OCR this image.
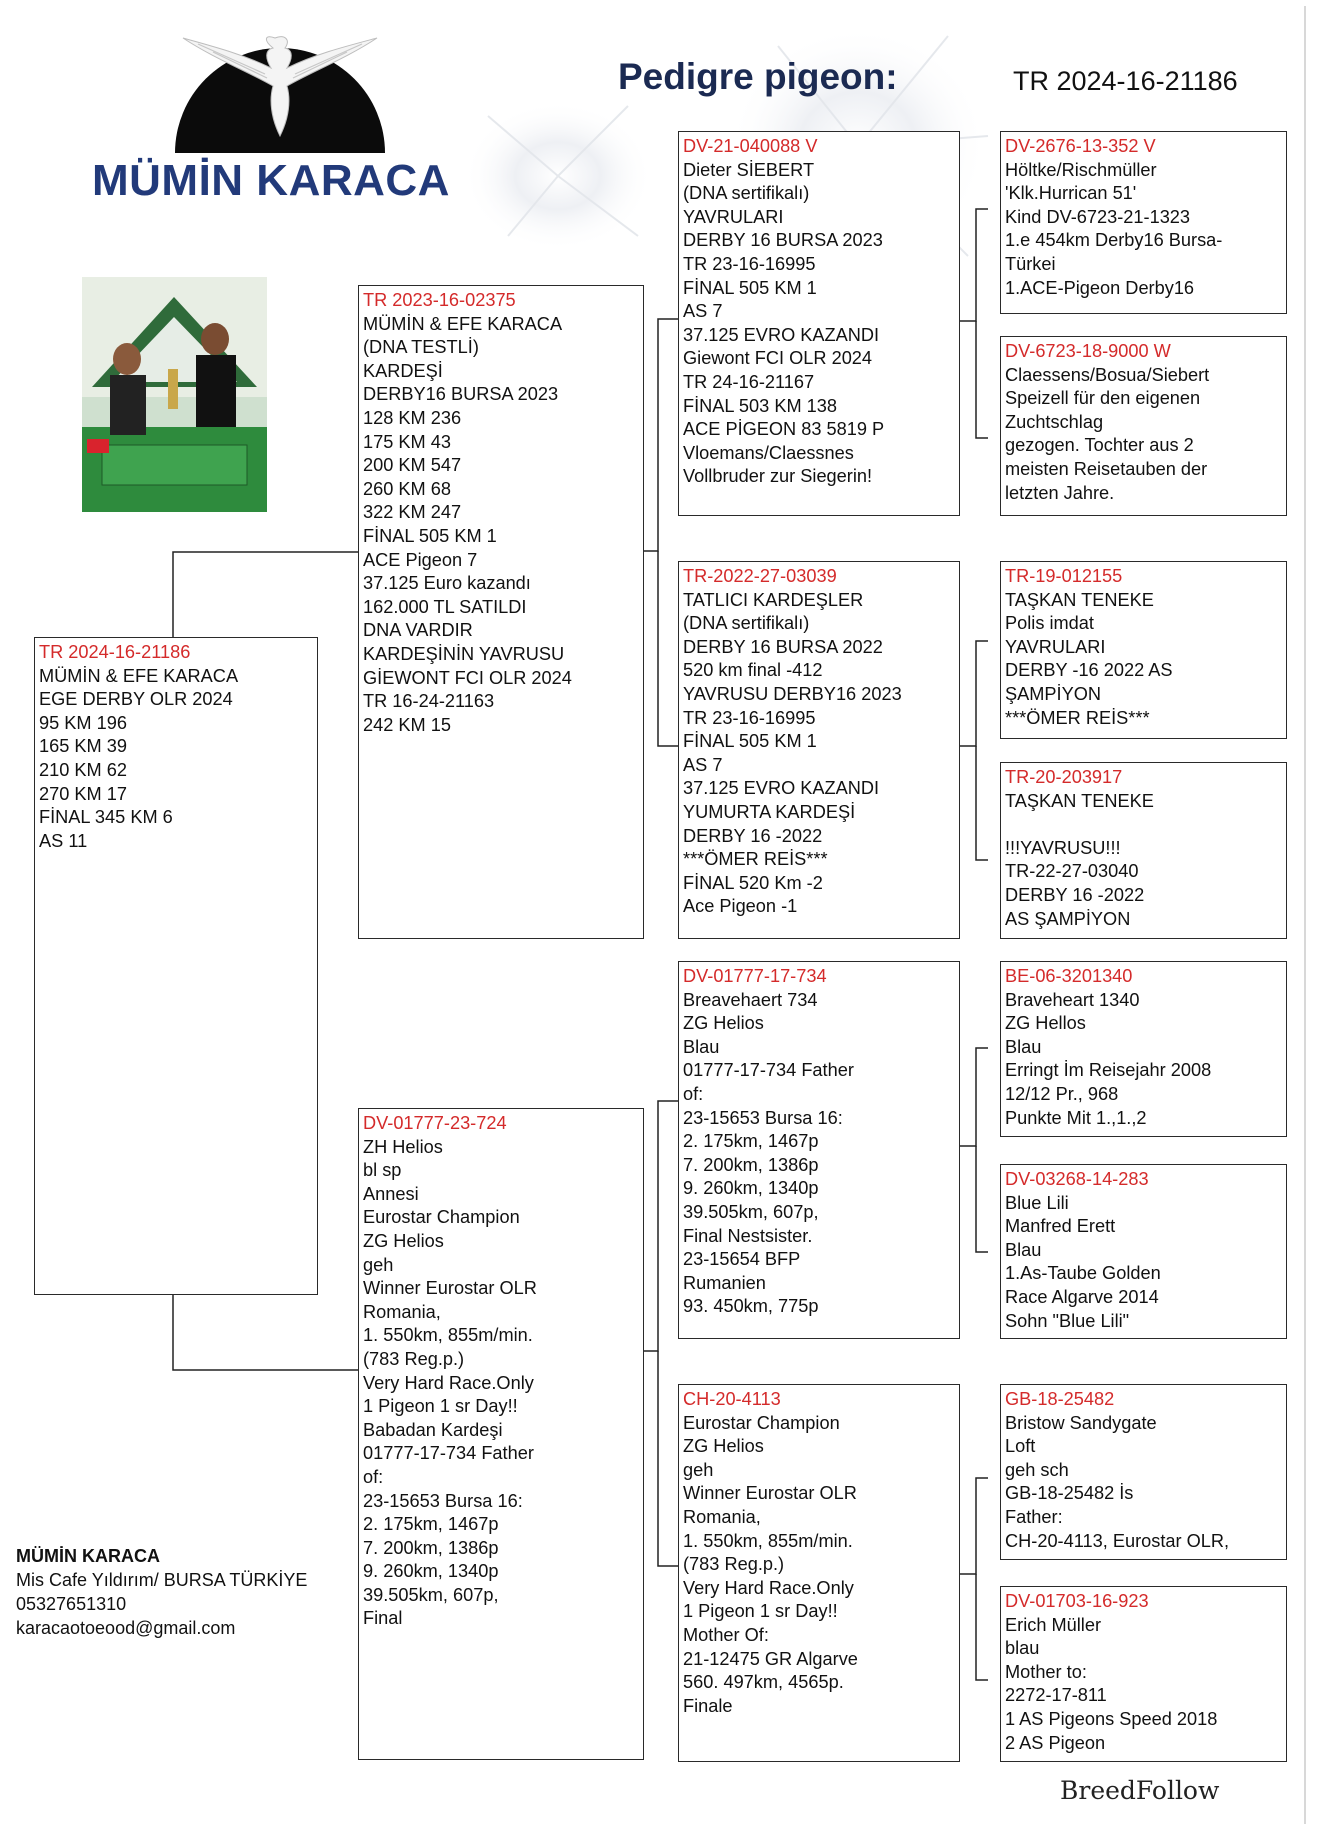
MÜMİN KARACA
Pedigre pigeon:	TR 2024-16-21186
TR 2024-16-21186
MÜMİN & EFE KARACA
EGE DERBY OLR 2024
95 KM 196
165 KM 39
210 KM 62
270 KM 17
FİNAL 345 KM 6
AS 11
TR 2023-16-02375
MÜMİN & EFE KARACA
(DNA TESTLİ)
KARDEŞİ
DERBY16 BURSA 2023
128 KM 236
175 KM 43
200 KM 547
260 KM 68
322 KM 247
FİNAL 505 KM 1
ACE Pigeon 7
37.125 Euro kazandı
162.000 TL SATILDI
DNA VARDIR
KARDEŞİNİN YAVRUSU
GİEWONT FCI OLR 2024
TR 16-24-21163
242 KM 15

DV-01777-23-724
ZH Helios
bl sp
Annesi
Eurostar Champion
ZG Helios
geh
Winner Eurostar OLR
Romania,
1. 550km, 855m/min.
(783 Reg.p.)
Very Hard Race.Only
1 Pigeon 1 sr Day!!
Babadan Kardeşi
01777-17-734 Father
of:
23-15653 Bursa 16:
2. 175km, 1467p
7. 200km, 1386p
9. 260km, 1340p
39.505km, 607p,
Final

DV-21-040088 V
Dieter SİEBERT
(DNA sertifikalı)
YAVRULARI
DERBY 16 BURSA 2023
TR 23-16-16995
FİNAL 505 KM 1
AS 7
37.125 EVRO KAZANDI
Giewont FCI OLR 2024
TR 24-16-21167
FİNAL 503 KM 138
ACE PİGEON 83 5819 P
Vloemans/Claessnes
Vollbruder zur Siegerin!

TR-2022-27-03039
TATLICI KARDEŞLER
(DNA sertifikalı)
DERBY 16 BURSA 2022
520 km final -412
YAVRUSU DERBY16 2023
TR 23-16-16995
FİNAL 505 KM 1
AS 7
37.125 EVRO KAZANDI
YUMURTA KARDEŞİ
DERBY 16 -2022
***ÖMER REİS***
FİNAL 520 Km -2
Ace Pigeon -1

DV-01777-17-734
Breavehaert 734
ZG Helios
Blau
01777-17-734 Father
of:
23-15653 Bursa 16:
2. 175km, 1467p
7. 200km, 1386p
9. 260km, 1340p
39.505km, 607p,
Final Nestsister.
23-15654 BFP
Rumanien
93. 450km, 775p
CH-20-4113
Eurostar Champion
ZG Helios
geh
Winner Eurostar OLR
Romania,
1. 550km, 855m/min.
(783 Reg.p.)
Very Hard Race.Only
1 Pigeon 1 sr Day!!
Mother Of:
21-12475 GR Algarve
560. 497km, 4565p.
Finale

DV-2676-13-352 V
Höltke/Rischmüller
'Klk.Hurrican 51'
Kind DV-6723-21-1323
1.e 454km Derby16 Bursa-
Türkei
1.ACE-Pigeon Derby16
DV-6723-18-9000 W
Claessens/Bosua/Siebert
Speizell für den eigenen
Zuchtschlag
gezogen. Tochter aus 2
meisten Reisetauben der
letzten Jahre.
TR-19-012155
TAŞKAN TENEKE
Polis imdat
YAVRULARI
DERBY -16 2022 AS
ŞAMPİYON
***ÖMER REİS***
TR-20-203917
TAŞKAN TENEKE

!!!YAVRUSU!!!
TR-22-27-03040
DERBY 16 -2022
AS ŞAMPİYON
BE-06-3201340
Braveheart 1340
ZG Hellos
Blau
Erringt İm Reisejahr 2008
12/12 Pr., 968
Punkte Mit 1.,1.,2
DV-03268-14-283
Blue Lili
Manfred Erett
Blau
1.As-Taube Golden
Race Algarve 2014
Sohn "Blue Lili"
GB-18-25482
Bristow Sandygate
Loft
geh sch
GB-18-25482 İs
Father:
CH-20-4113, Eurostar OLR,
DV-01703-16-923
Erich Müller
blau
Mother to:
2272-17-811
1 AS Pigeons Speed 2018
2 AS Pigeon
MÜMİN KARACA
Mis Cafe Yıldırım/ BURSA TÜRKİYE
05327651310
karacaotoeood@gmail.com
BreedFollow
